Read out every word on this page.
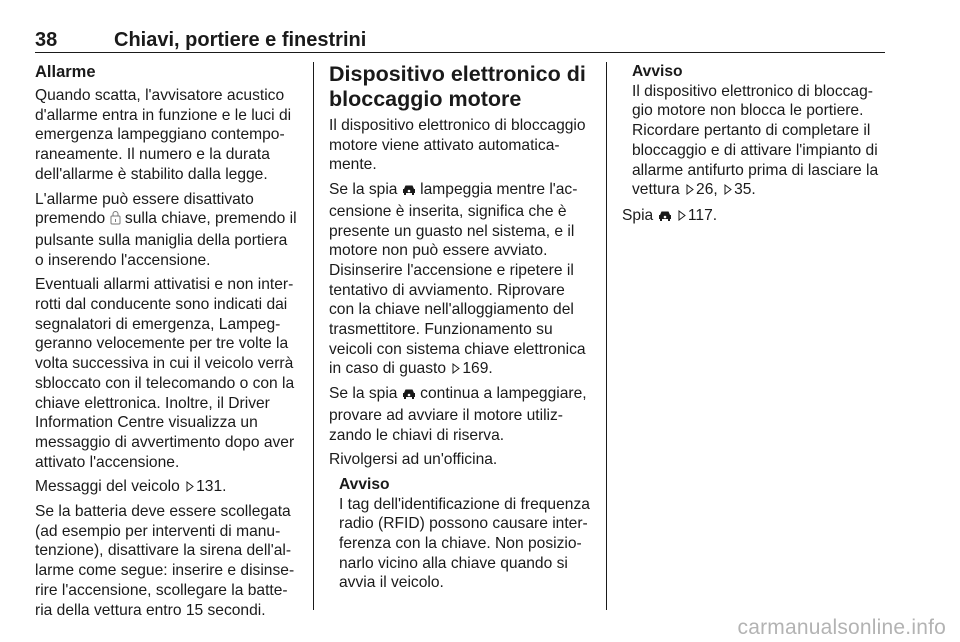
38	Chiavi, portiere e finestrini
Allarme

Quando scatta, l'avvisatore acustico
d'allarme entra in funzione e le luci di
emergenza lampeggiano contempo-
raneamente. Il numero e la durata
dell'allarme è stabilito dalla legge.

L'allarme può essere disattivato
premendo sulla chiave, premendo il
pulsante sulla maniglia della portiera
o inserendo l'accensione.

Eventuali allarmi attivatisi e non inter-
rotti dal conducente sono indicati dai
segnalatori di emergenza, Lampeg-
geranno velocemente per tre volte la
volta successiva in cui il veicolo verrà
sbloccato con il telecomando o con la
chiave elettronica. Inoltre, il Driver
Information Centre visualizza un
messaggio di avvertimento dopo aver
attivato l'accensione.

Messaggi del veicolo 131.

Se la batteria deve essere scollegata
(ad esempio per interventi di manu-
tenzione), disattivare la sirena dell'al-
larme come segue: inserire e disinse-
rire l'accensione, scollegare la batte-
ria della vettura entro 15 secondi.

Dispositivo elettronico di
bloccaggio motore

Il dispositivo elettronico di bloccaggio
motore viene attivato automatica-
mente.

Se la spia lampeggia mentre l'ac-
censione è inserita, significa che è
presente un guasto nel sistema, e il
motore non può essere avviato.
Disinserire l'accensione e ripetere il
tentativo di avviamento. Riprovare
con la chiave nell'alloggiamento del
trasmettitore. Funzionamento su
veicoli con sistema chiave elettronica
in caso di guasto 169.

Se la spia continua a lampeggiare,
provare ad avviare il motore utiliz-
zando le chiavi di riserva.

Rivolgersi ad un'officina.

Avviso
I tag dell'identificazione di frequenza
radio (RFID) possono causare inter-
ferenza con la chiave. Non posizio-
narlo vicino alla chiave quando si
avvia il veicolo.
Avviso
Il dispositivo elettronico di bloccag-
gio motore non blocca le portiere.
Ricordare pertanto di completare il
bloccaggio e di attivare l'impianto di
allarme antifurto prima di lasciare la
vettura 26, 35.

Spia 117.

carmanualsonline.info
